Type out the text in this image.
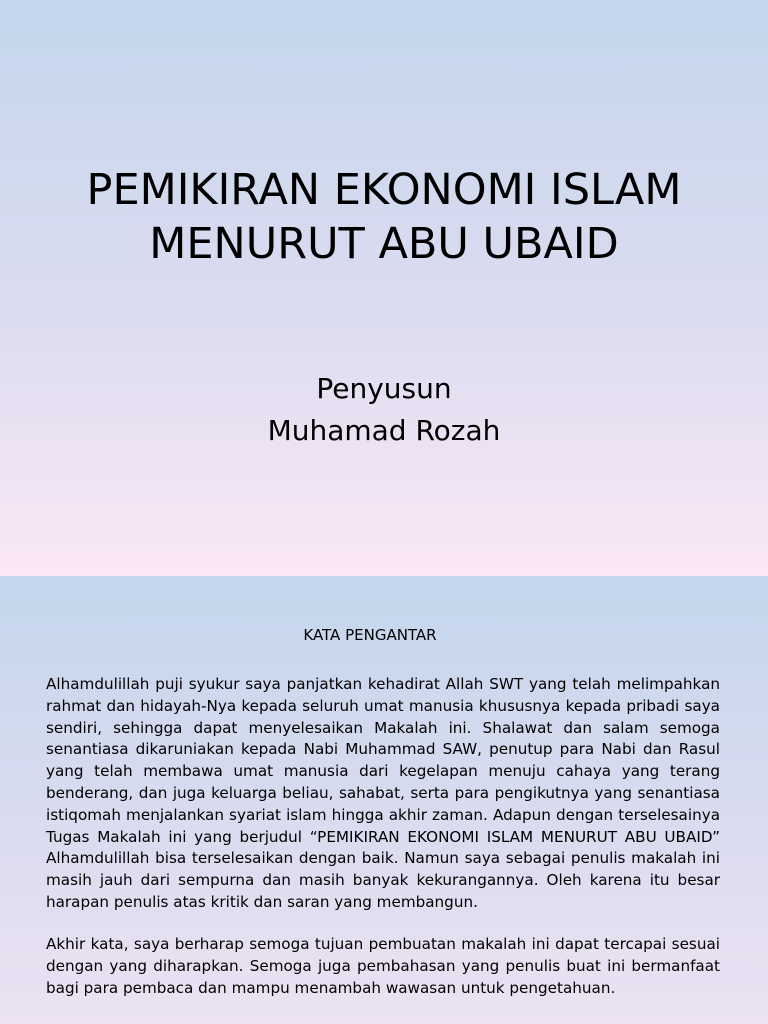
PEMIKIRAN EKONOMI ISLAM
MENURUT ABU UBAID
Penyusun
Muhamad Rozah
KATA PENGANTAR

Alhamdulillah puji syukur saya panjatkan kehadirat Allah SWT yang telah melimpahkan rahmat dan hidayah-Nya kepada seluruh umat manusia khususnya kepada pribadi saya sendiri, sehingga dapat menyelesaikan Makalah ini. Shalawat dan salam semoga senantiasa dikaruniakan kepada Nabi Muhammad SAW, penutup para Nabi dan Rasul yang telah membawa umat manusia dari kegelapan menuju cahaya yang terang benderang, dan juga keluarga beliau, sahabat, serta para pengikutnya yang senantiasa istiqomah menjalankan syariat islam hingga akhir zaman. Adapun dengan terselesainya Tugas Makalah ini yang berjudul “PEMIKIRAN EKONOMI ISLAM MENURUT ABU UBAID” Alhamdulillah bisa terselesaikan dengan baik. Namun saya sebagai penulis makalah ini masih jauh dari sempurna dan masih banyak kekurangannya. Oleh karena itu besar harapan penulis atas kritik dan saran yang membangun.

Akhir kata, saya berharap semoga tujuan pembuatan makalah ini dapat tercapai sesuai dengan yang diharapkan. Semoga juga pembahasan yang penulis buat ini bermanfaat bagi para pembaca dan mampu menambah wawasan untuk pengetahuan.
